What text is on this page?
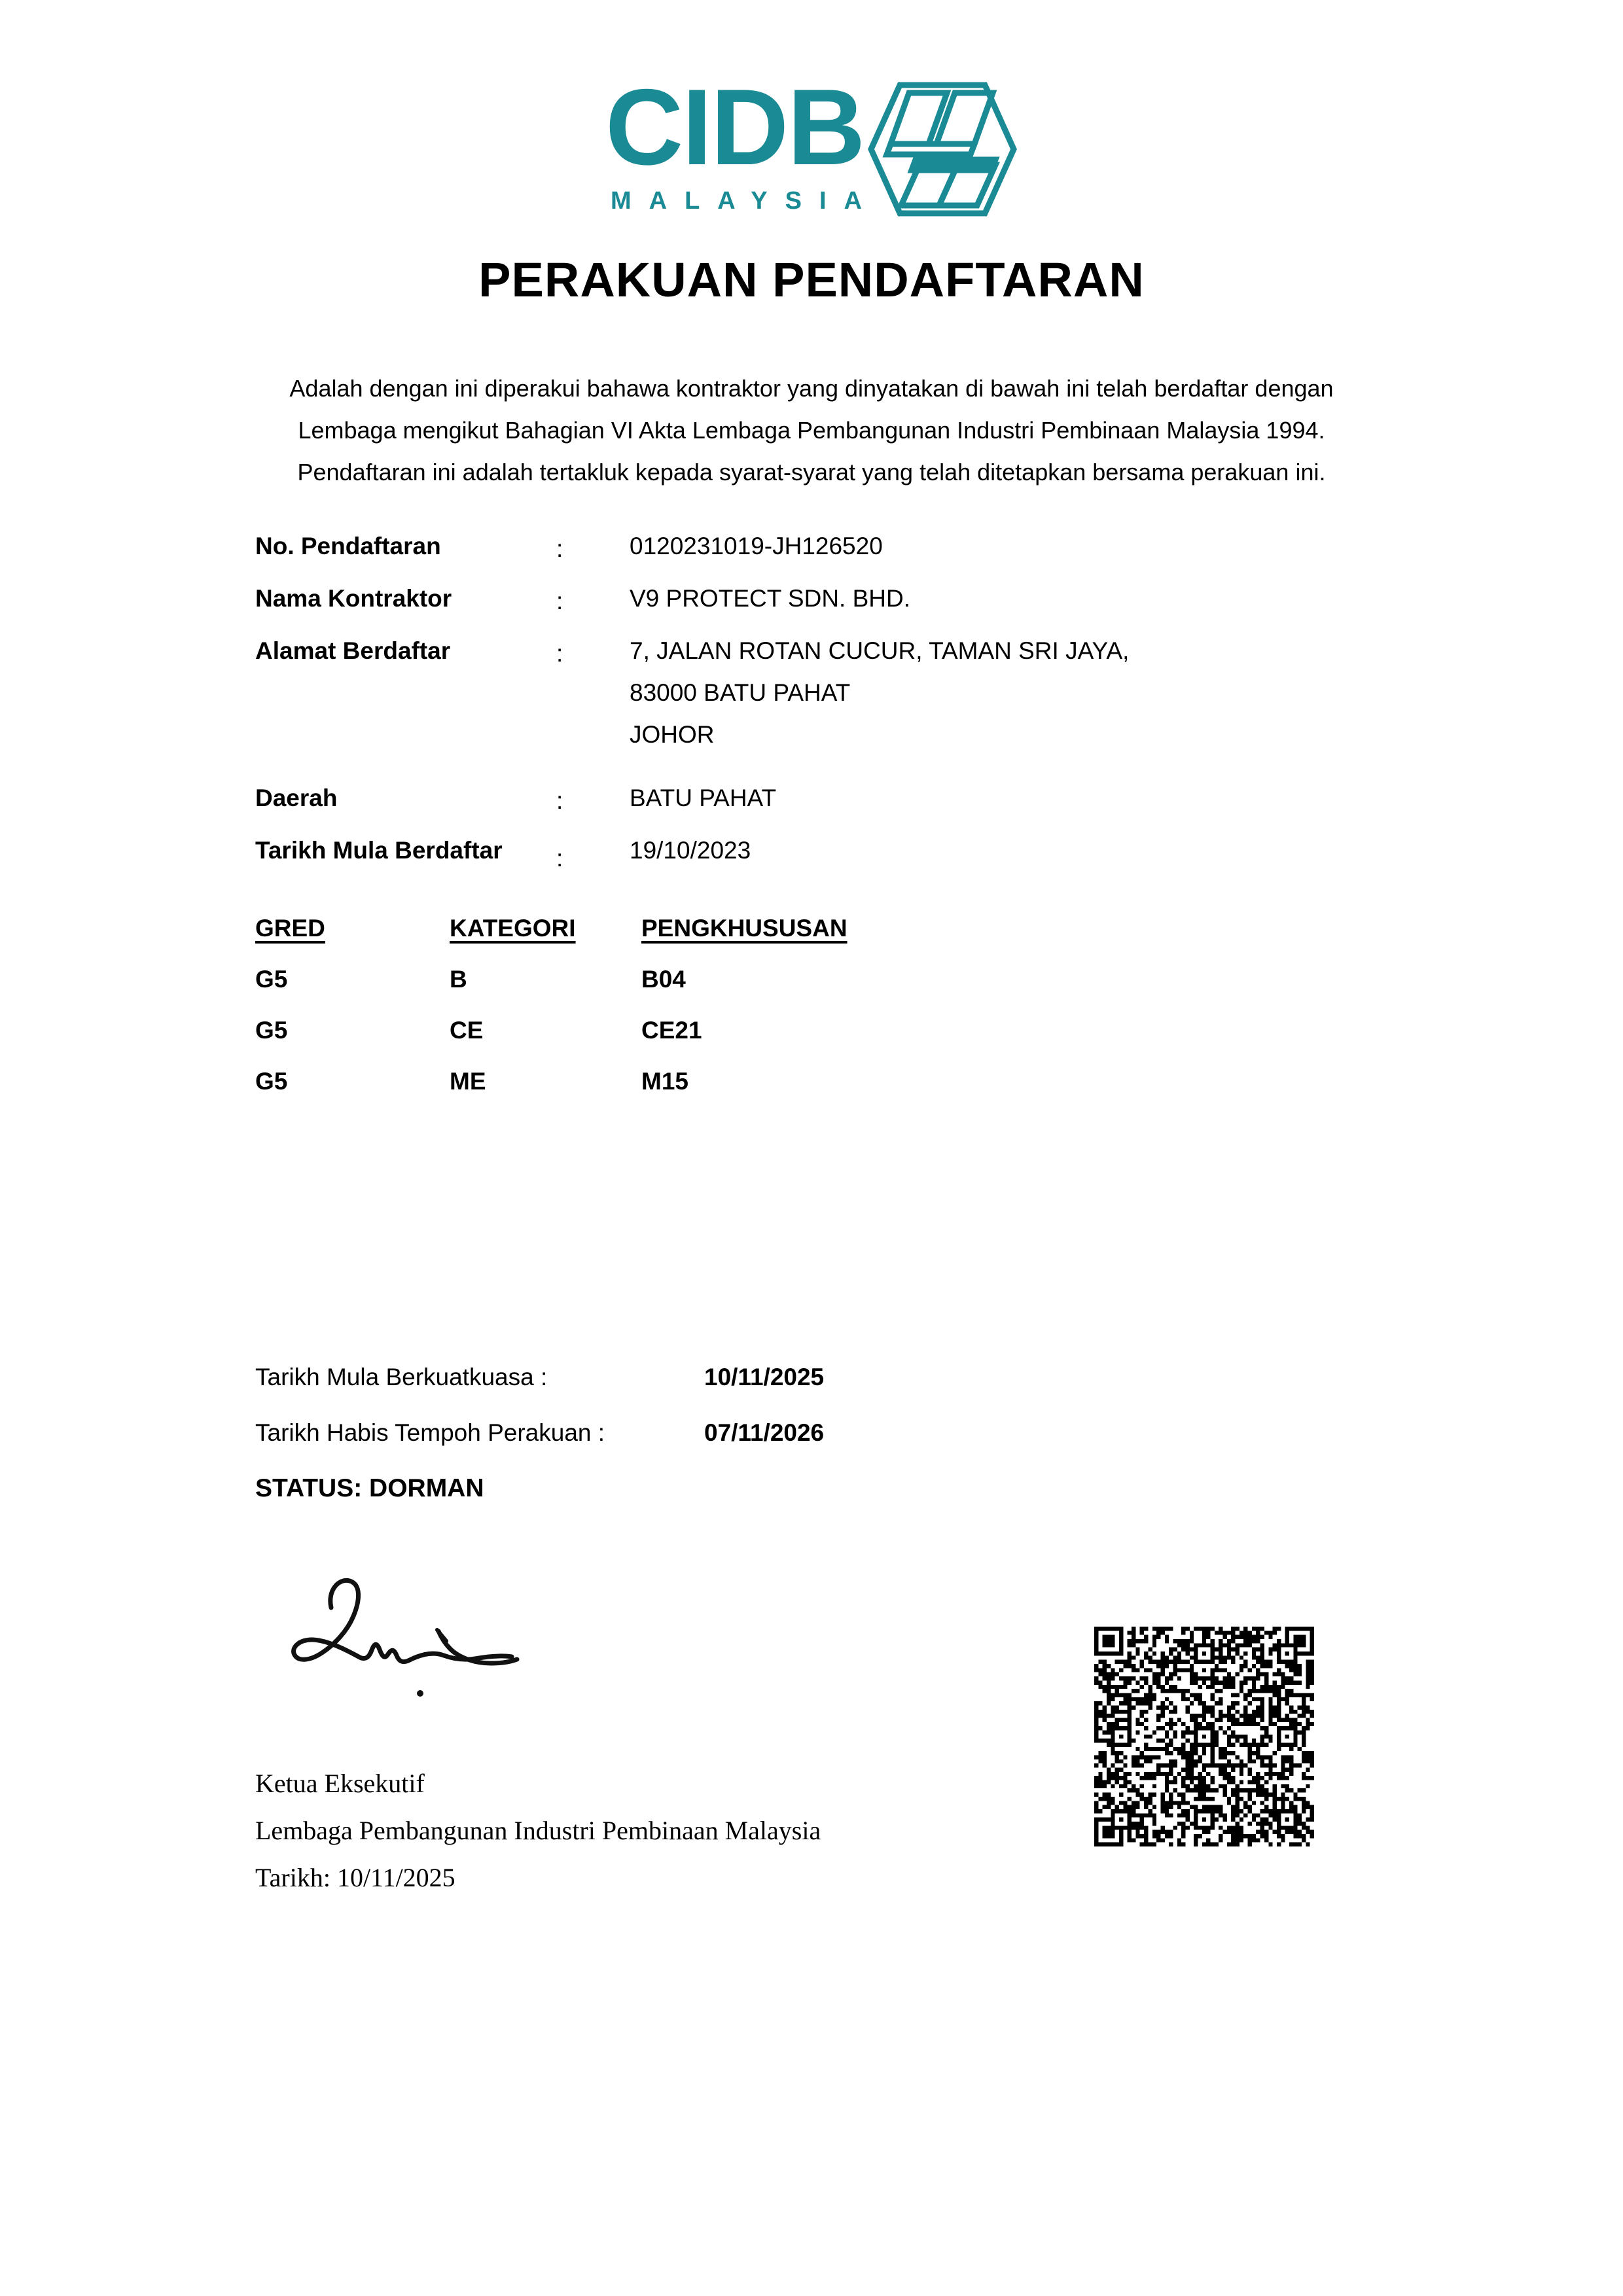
CIDB
MALAYSIA
PERAKUAN PENDAFTARAN
Adalah dengan ini diperakui bahawa kontraktor yang dinyatakan di bawah ini telah berdaftar dengan
Lembaga mengikut Bahagian VI Akta Lembaga Pembangunan Industri Pembinaan Malaysia 1994.
Pendaftaran ini adalah tertakluk kepada syarat-syarat yang telah ditetapkan bersama perakuan ini.
No. Pendaftaran	:	0120231019-JH126520
Nama Kontraktor	:	V9 PROTECT SDN. BHD.
Alamat Berdaftar	:	7, JALAN ROTAN CUCUR, TAMAN SRI JAYA,
83000 BATU PAHAT
JOHOR
Daerah	:	BATU PAHAT
Tarikh Mula Berdaftar :	19/10/2023
GRED	KATEGORI	PENGKHUSUSAN
G5	B	B04
G5	CE	CE21
G5	ME	M15
Tarikh Mula Berkuatkuasa :	10/11/2025
Tarikh Habis Tempoh Perakuan :	07/11/2026
STATUS: DORMAN
Ketua Eksekutif
Lembaga Pembangunan Industri Pembinaan Malaysia
Tarikh: 10/11/2025
